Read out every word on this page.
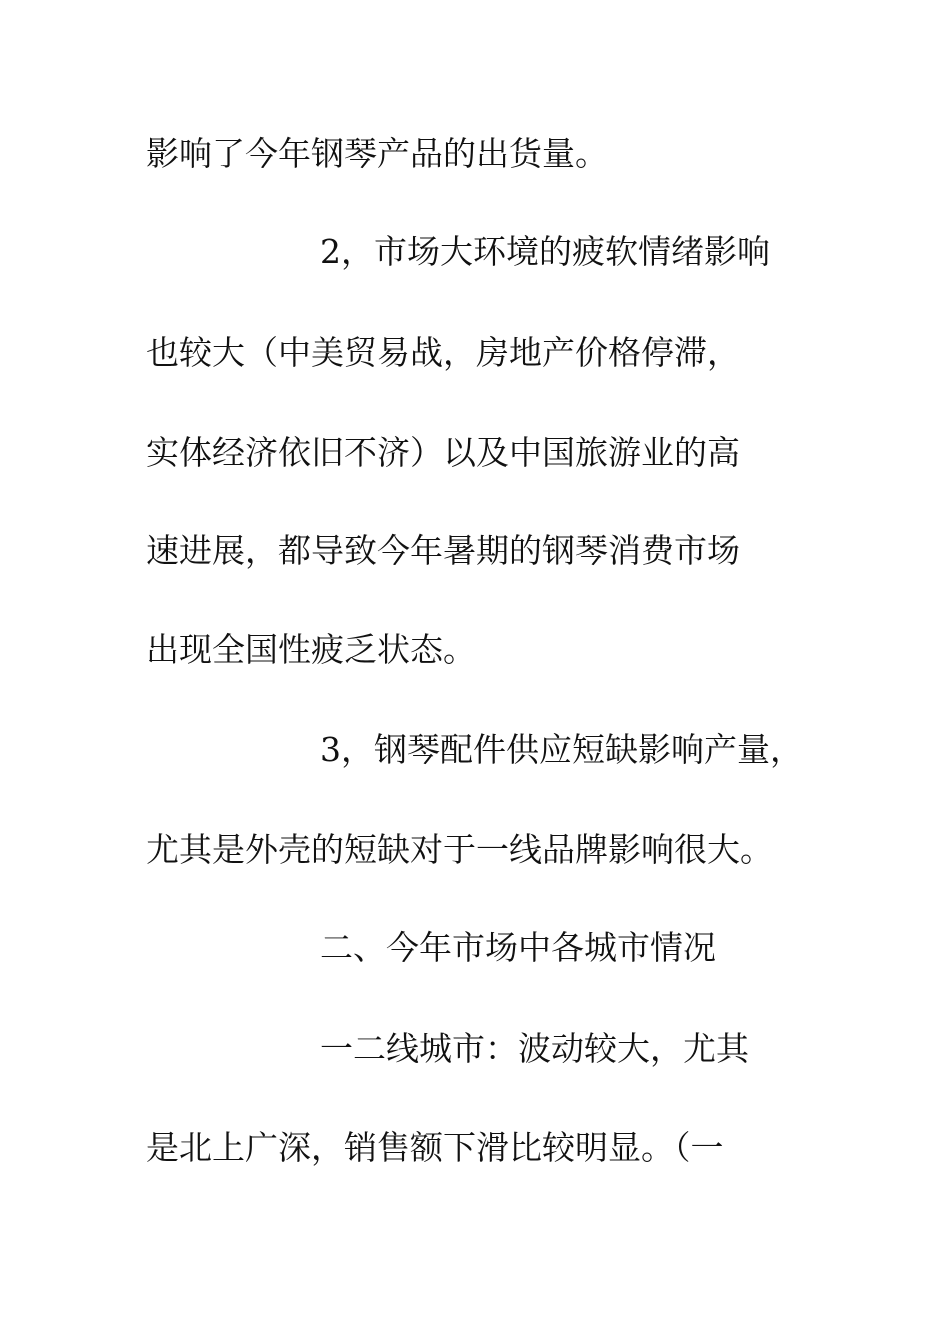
影响了今年钢琴产品的出货量。
2，市场大环境的疲软情绪影响
也较大（中美贸易战，房地产价格停滞，
实体经济依旧不济）以及中国旅游业的高
速进展，都导致今年暑期的钢琴消费市场
出现全国性疲乏状态。
3，钢琴配件供应短缺影响产量，
尤其是外壳的短缺对于一线品牌影响很大。
二、今年市场中各城市情况
一二线城市：波动较大，尤其
是北上广深，销售额下滑比较明显。（一
